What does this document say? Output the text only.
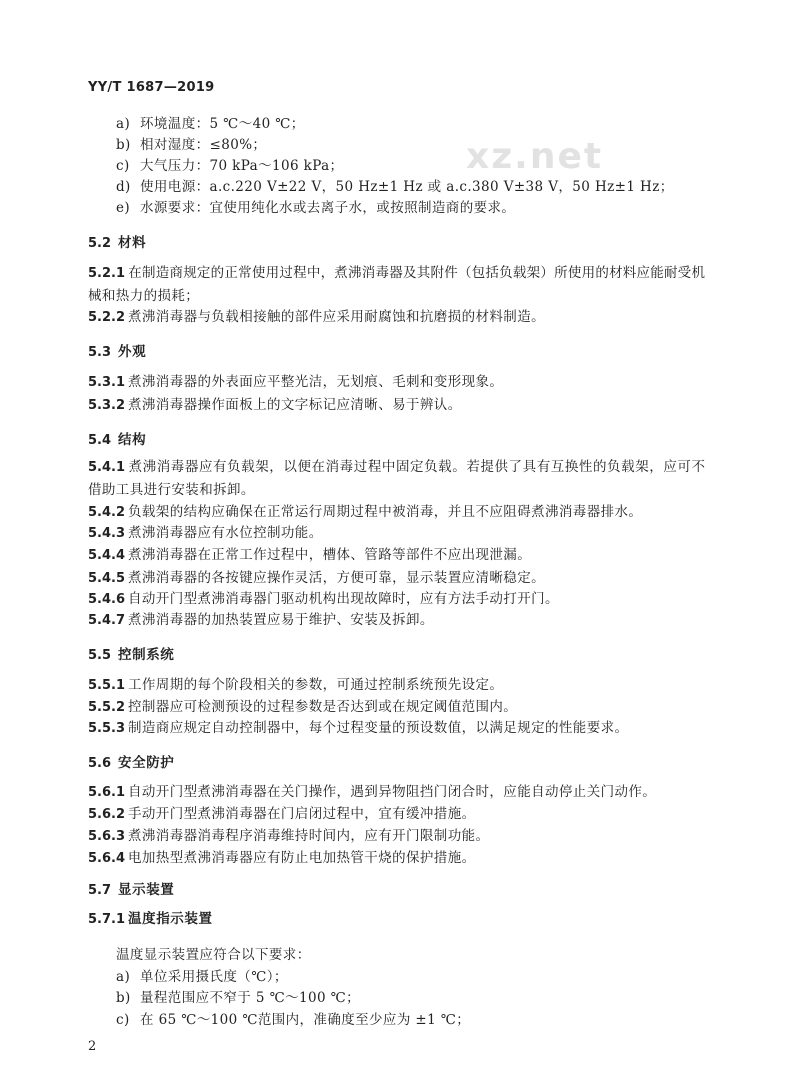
YY/T 1687—2019
xz.net
a) 环境温度：5 ℃～40 ℃；
b) 相对湿度：≤80%；
c) 大气压力：70 kPa～106 kPa；
d) 使用电源：a.c.220 V±22 V，50 Hz±1 Hz 或 a.c.380 V±38 V，50 Hz±1 Hz；
e) 水源要求：宜使用纯化水或去离子水，或按照制造商的要求。
5.2 材料
5.2.1 在制造商规定的正常使用过程中，煮沸消毒器及其附件（包括负载架）所使用的材料应能耐受机
械和热力的损耗；
5.2.2 煮沸消毒器与负载相接触的部件应采用耐腐蚀和抗磨损的材料制造。
5.3 外观
5.3.1 煮沸消毒器的外表面应平整光洁，无划痕、毛刺和变形现象。
5.3.2 煮沸消毒器操作面板上的文字标记应清晰、易于辨认。
5.4 结构
5.4.1 煮沸消毒器应有负载架，以便在消毒过程中固定负载。若提供了具有互换性的负载架，应可不
借助工具进行安装和拆卸。
5.4.2 负载架的结构应确保在正常运行周期过程中被消毒，并且不应阻碍煮沸消毒器排水。
5.4.3 煮沸消毒器应有水位控制功能。
5.4.4 煮沸消毒器在正常工作过程中，槽体、管路等部件不应出现泄漏。
5.4.5 煮沸消毒器的各按键应操作灵活，方便可靠，显示装置应清晰稳定。
5.4.6 自动开门型煮沸消毒器门驱动机构出现故障时，应有方法手动打开门。
5.4.7 煮沸消毒器的加热装置应易于维护、安装及拆卸。
5.5 控制系统
5.5.1 工作周期的每个阶段相关的参数，可通过控制系统预先设定。
5.5.2 控制器应可检测预设的过程参数是否达到或在规定阈值范围内。
5.5.3 制造商应规定自动控制器中，每个过程变量的预设数值，以满足规定的性能要求。
5.6 安全防护
5.6.1 自动开门型煮沸消毒器在关门操作，遇到异物阻挡门闭合时，应能自动停止关门动作。
5.6.2 手动开门型煮沸消毒器在门启闭过程中，宜有缓冲措施。
5.6.3 煮沸消毒器消毒程序消毒维持时间内，应有开门限制功能。
5.6.4 电加热型煮沸消毒器应有防止电加热管干烧的保护措施。
5.7 显示装置
5.7.1 温度指示装置
温度显示装置应符合以下要求：
a) 单位采用摄氏度（℃）；
b) 量程范围应不窄于 5 ℃～100 ℃；
c) 在 65 ℃～100 ℃范围内，准确度至少应为 ±1 ℃；
2
